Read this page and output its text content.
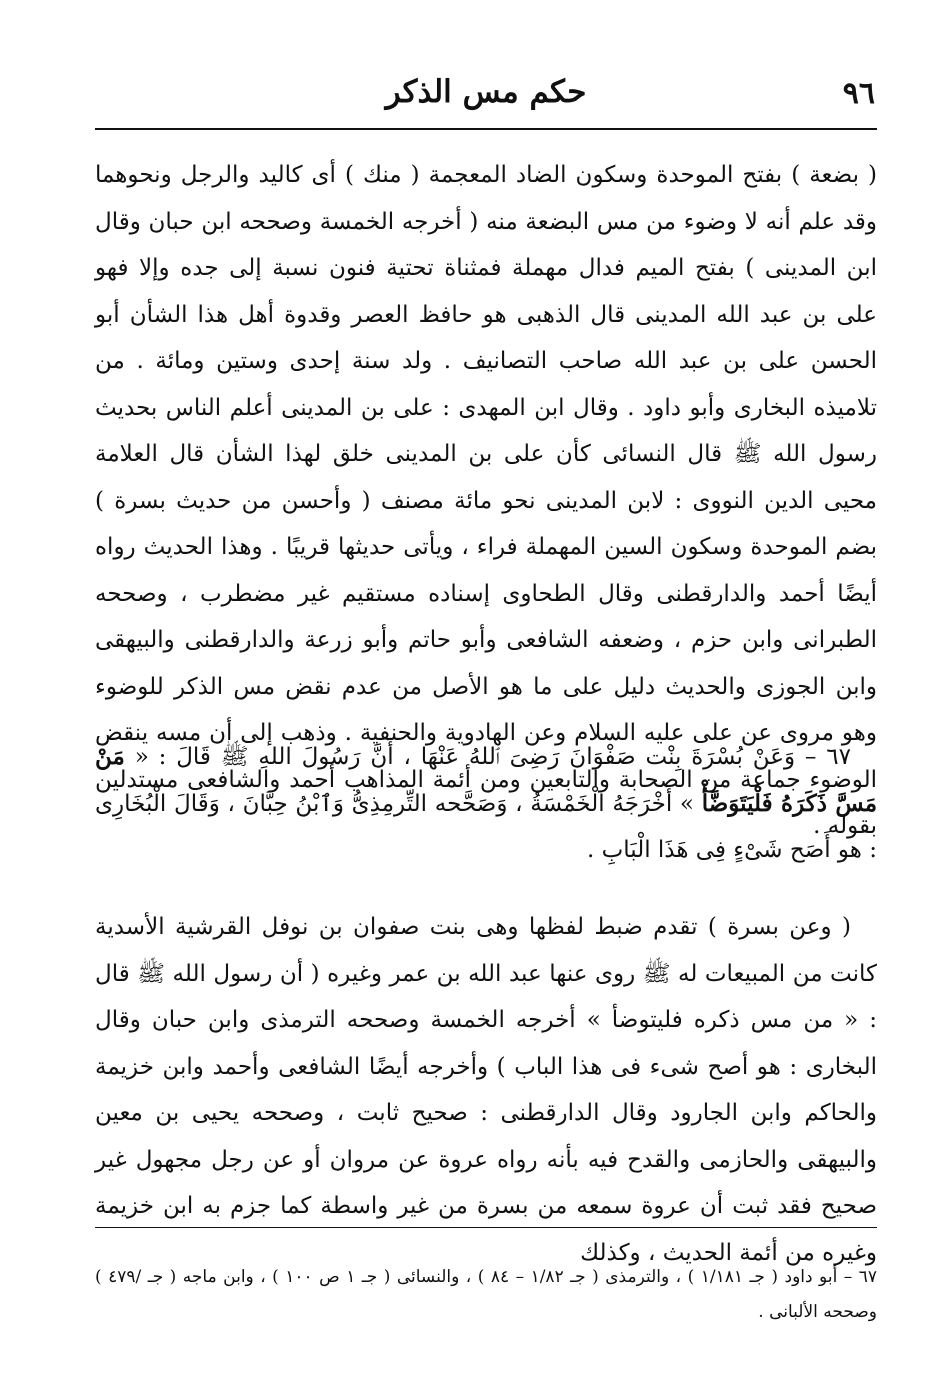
٩٦
حكم مس الذكر

( بضعة ) بفتح الموحدة وسكون الضاد المعجمة ( منك ) أى كاليد والرجل ونحوهما وقد علم أنه لا وضوء من مس البضعة منه ( أخرجه الخمسة وصححه ابن حبان وقال ابن المدينى ) بفتح الميم فدال مهملة فمثناة تحتية فنون نسبة إلى جده وإلا فهو على بن عبد الله المدينى قال الذهبى هو حافظ العصر وقدوة أهل هذا الشأن أبو الحسن على بن عبد الله صاحب التصانيف . ولد سنة إحدى وستين ومائة . من تلاميذه البخارى وأبو داود . وقال ابن المهدى : على بن المدينى أعلم الناس بحديث رسول الله ﷺ قال النسائى كأن على بن المدينى خلق لهذا الشأن قال العلامة محيى الدين النووى : لابن المدينى نحو مائة مصنف ( وأحسن من حديث بسرة ) بضم الموحدة وسكون السين المهملة فراء ، ويأتى حديثها قريبًا . وهذا الحديث رواه أيضًا أحمد والدارقطنى وقال الطحاوى إسناده مستقيم غير مضطرب ، وصححه الطبرانى وابن حزم ، وضعفه الشافعى وأبو حاتم وأبو زرعة والدارقطنى والبيهقى وابن الجوزى والحديث دليل على ما هو الأصل من عدم نقض مس الذكر للوضوء وهو مروى عن على عليه السلام وعن الهادوية والحنفية . وذهب إلى أن مسه ينقض الوضوء جماعة من الصحابة والتابعين ومن أئمة المذاهب أحمد والشافعى مستدلين بقوله .

٦٧ – وَعَنْ بُسْرَةَ بِنْت صَفْوَانَ رَضِىَ ٱللهُ عَنْهَا ، أَنَّ رَسُولَ اللهِ ﷺ قَالَ : « مَنْ مَسَّ ذَكَرَهُ فَلْيَتَوَضَّأْ » أَخْرَجَهُ الْخَمْسَةُ ، وَصَحَّحه التِّرمِذِىُّ وَٱبْنُ حِبَّانَ ، وَقَالَ الْبُخَارِى : هو أَصَح شَىْءٍ فِى هَذَا الْبَابِ .

( وعن بسرة ) تقدم ضبط لفظها وهى بنت صفوان بن نوفل القرشية الأسدية كانت من المبيعات له ﷺ روى عنها عبد الله بن عمر وغيره ( أن رسول الله ﷺ قال : « من مس ذكره فليتوضأ » أخرجه الخمسة وصححه الترمذى وابن حبان وقال البخارى : هو أصح شىء فى هذا الباب ) وأخرجه أيضًا الشافعى وأحمد وابن خزيمة والحاكم وابن الجارود وقال الدارقطنى : صحيح ثابت ، وصححه يحيى بن معين والبيهقى والحازمى والقدح فيه بأنه رواه عروة عن مروان أو عن رجل مجهول غير صحيح فقد ثبت أن عروة سمعه من بسرة من غير واسطة كما جزم به ابن خزيمة وغيره من أئمة الحديث ، وكذلك

٦٧ – أبو داود ( جـ ١/١٨١ ) ، والترمذى ( جـ ١/٨٢ – ٨٤ ) ، والنسائى ( جـ ١ ص ١٠٠ ) ، وابن ماجه ( جـ /٤٧٩ ) وصححه الألبانى .
